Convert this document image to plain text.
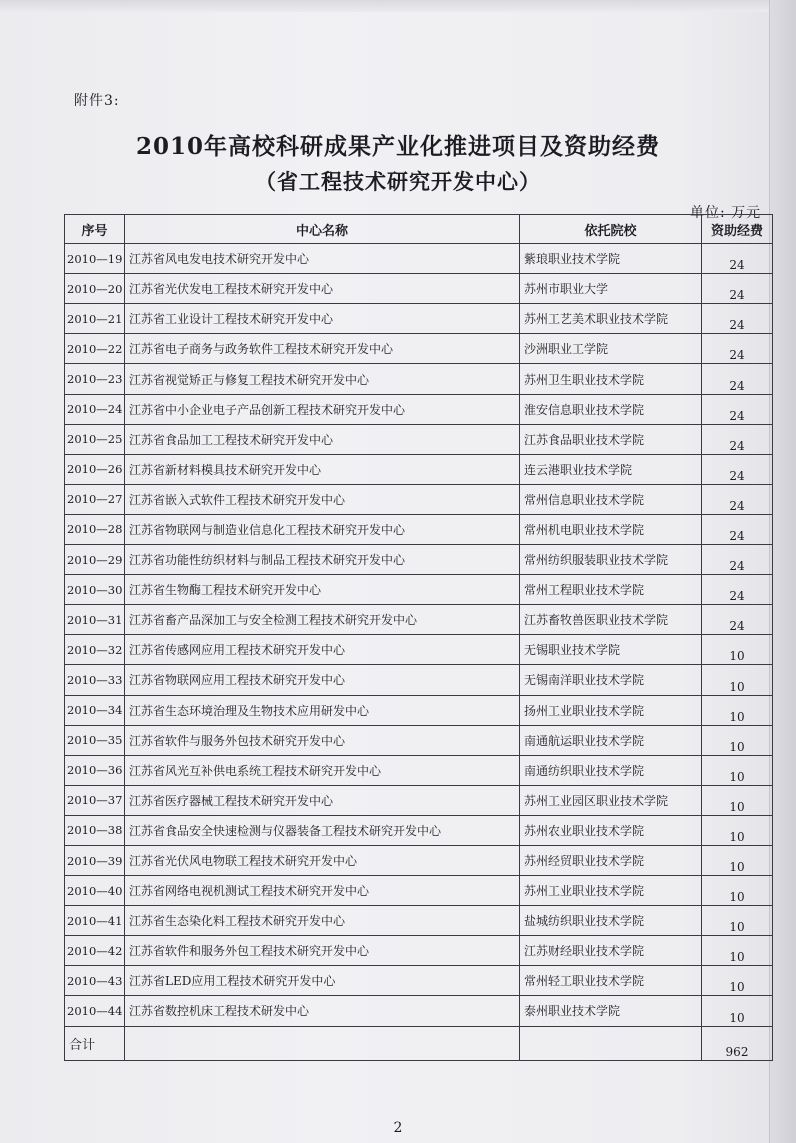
附件3:
2010年高校科研成果产业化推进项目及资助经费
（省工程技术研究开发中心）
单位: 万元
序号	中心名称	依托院校	资助经费
2010—19	江苏省风电发电技术研究开发中心	紫琅职业技术学院	24
2010—20	江苏省光伏发电工程技术研究开发中心	苏州市职业大学	24
2010—21	江苏省工业设计工程技术研究开发中心	苏州工艺美术职业技术学院	24
2010—22	江苏省电子商务与政务软件工程技术研究开发中心	沙洲职业工学院	24
2010—23	江苏省视觉矫正与修复工程技术研究开发中心	苏州卫生职业技术学院	24
2010—24	江苏省中小企业电子产品创新工程技术研究开发中心	淮安信息职业技术学院	24
2010—25	江苏省食品加工工程技术研究开发中心	江苏食品职业技术学院	24
2010—26	江苏省新材料模具技术研究开发中心	连云港职业技术学院	24
2010—27	江苏省嵌入式软件工程技术研究开发中心	常州信息职业技术学院	24
2010—28	江苏省物联网与制造业信息化工程技术研究开发中心	常州机电职业技术学院	24
2010—29	江苏省功能性纺织材料与制品工程技术研究开发中心	常州纺织服装职业技术学院	24
2010—30	江苏省生物酶工程技术研究开发中心	常州工程职业技术学院	24
2010—31	江苏省畜产品深加工与安全检测工程技术研究开发中心	江苏畜牧兽医职业技术学院	24
2010—32	江苏省传感网应用工程技术研究开发中心	无锡职业技术学院	10
2010—33	江苏省物联网应用工程技术研究开发中心	无锡南洋职业技术学院	10
2010—34	江苏省生态环境治理及生物技术应用研发中心	扬州工业职业技术学院	10
2010—35	江苏省软件与服务外包技术研究开发中心	南通航运职业技术学院	10
2010—36	江苏省风光互补供电系统工程技术研究开发中心	南通纺织职业技术学院	10
2010—37	江苏省医疗器械工程技术研究开发中心	苏州工业园区职业技术学院	10
2010—38	江苏省食品安全快速检测与仪器装备工程技术研究开发中心	苏州农业职业技术学院	10
2010—39	江苏省光伏风电物联工程技术研究开发中心	苏州经贸职业技术学院	10
2010—40	江苏省网络电视机测试工程技术研究开发中心	苏州工业职业技术学院	10
2010—41	江苏省生态染化料工程技术研究开发中心	盐城纺织职业技术学院	10
2010—42	江苏省软件和服务外包工程技术研究开发中心	江苏财经职业技术学院	10
2010—43	江苏省LED应用工程技术研究开发中心	常州轻工职业技术学院	10
2010—44	江苏省数控机床工程技术研发中心	泰州职业技术学院	10
合计			962
2
